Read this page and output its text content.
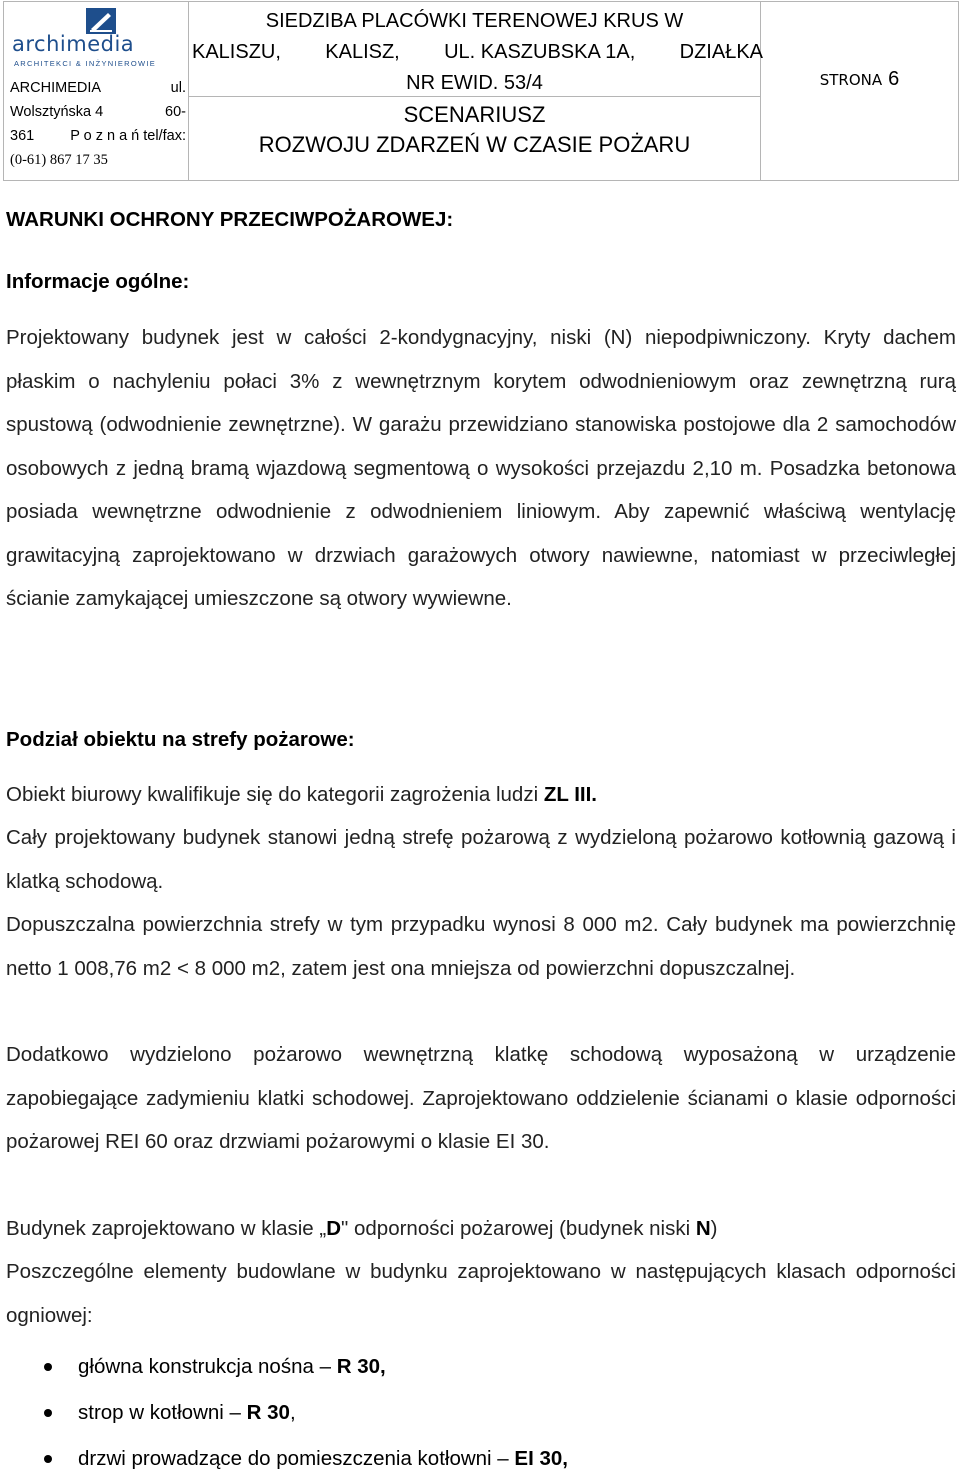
archimedia
ARCHITEKCI & INŻYNIEROWIE
ARCHIMEDIA	ul.
Wolsztyńska 4	60-
361 P o z n a ń tel/fax:
(0-61) 867 17 35
SIEDZIBA PLACÓWKI TERENOWEJ KRUS W
KALISZU, KALISZ, UL. KASZUBSKA 1A, DZIAŁKA
NR EWID. 53/4
SCENARIUSZ
ROZWOJU ZDARZEŃ W CZASIE POŻARU
STRONA 6
WARUNKI OCHRONY PRZECIWPOŻAROWEJ:
Informacje ogólne:
Projektowany budynek jest w całości 2-kondygnacyjny, niski (N) niepodpiwniczony. Kryty dachem płaskim o nachyleniu połaci 3% z wewnętrznym korytem odwodnieniowym oraz zewnętrzną rurą spustową (odwodnienie zewnętrzne). W garażu przewidziano stanowiska postojowe dla 2 samochodów osobowych z jedną bramą wjazdową segmentową o wysokości przejazdu 2,10 m. Posadzka betonowa posiada wewnętrzne odwodnienie z odwodnieniem liniowym. Aby zapewnić właściwą wentylację grawitacyjną zaprojektowano w drzwiach garażowych otwory nawiewne, natomiast w przeciwległej ścianie zamykającej umieszczone są otwory wywiewne.
Podział obiektu na strefy pożarowe:
Obiekt biurowy kwalifikuje się do kategorii zagrożenia ludzi ZL III.
Cały projektowany budynek stanowi jedną strefę pożarową z wydzieloną pożarowo kotłownią gazową i klatką schodową.
Dopuszczalna powierzchnia strefy w tym przypadku wynosi 8 000 m2. Cały budynek ma powierzchnię netto 1 008,76 m2 < 8 000 m2, zatem jest ona mniejsza od powierzchni dopuszczalnej.
Dodatkowo wydzielono pożarowo wewnętrzną klatkę schodową wyposażoną w urządzenie zapobiegające zadymieniu klatki schodowej. Zaprojektowano oddzielenie ścianami o klasie odporności pożarowej REI 60 oraz drzwiami pożarowymi o klasie EI 30.
Budynek zaprojektowano w klasie „D" odporności pożarowej (budynek niski N)
Poszczególne elementy budowlane w budynku zaprojektowano w następujących klasach odporności ogniowej:
główna konstrukcja nośna – R 30,
strop w kotłowni – R 30,
drzwi prowadzące do pomieszczenia kotłowni – EI 30,
